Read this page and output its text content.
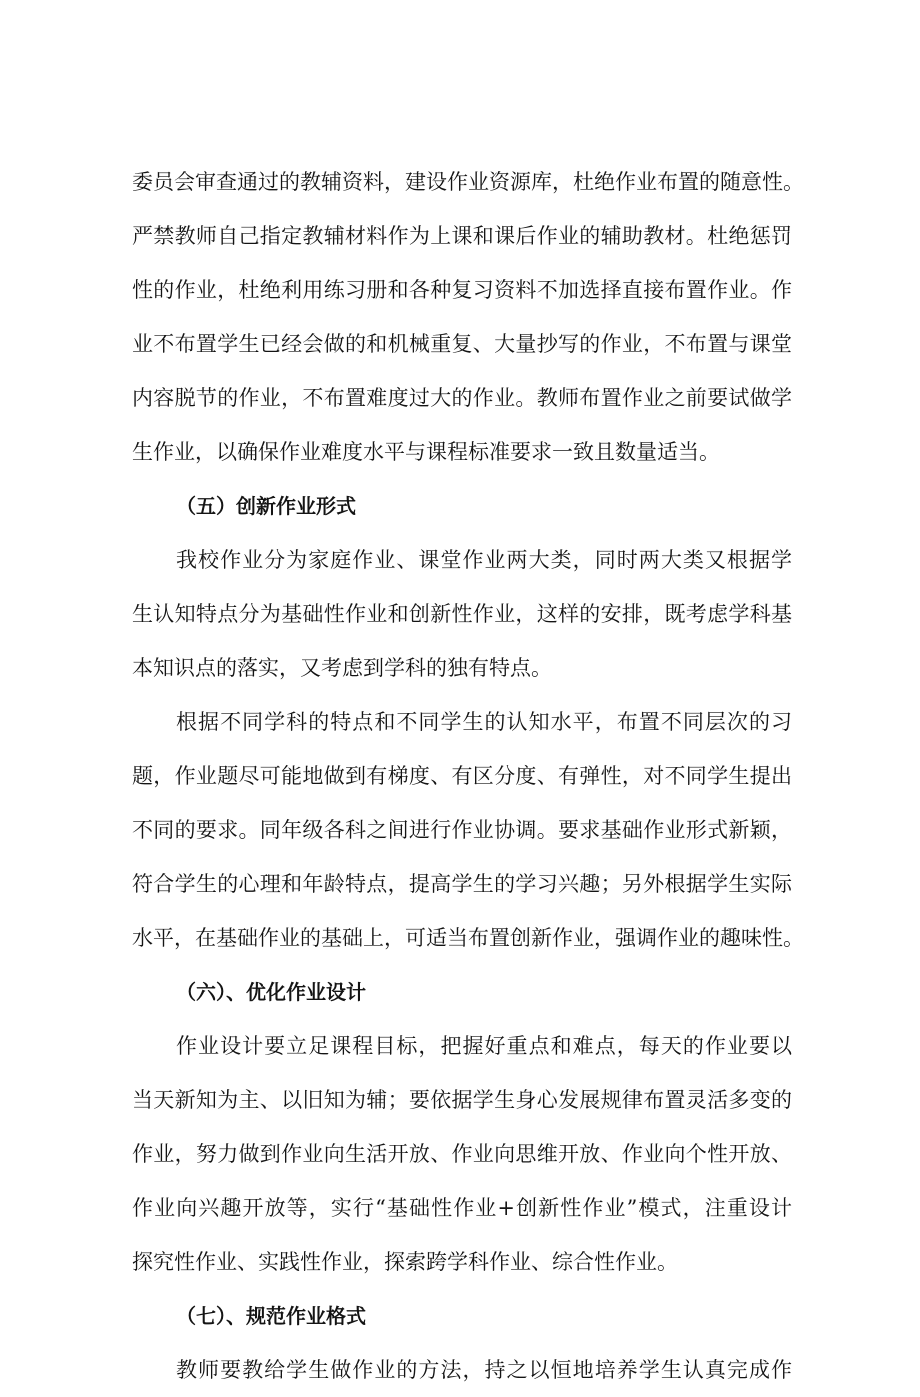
委员会审查通过的教辅资料，建设作业资源库，杜绝作业布置的随意性。
严禁教师自己指定教辅材料作为上课和课后作业的辅助教材。杜绝惩罚
性的作业，杜绝利用练习册和各种复习资料不加选择直接布置作业。作
业不布置学生已经会做的和机械重复、大量抄写的作业，不布置与课堂
内容脱节的作业，不布置难度过大的作业。教师布置作业之前要试做学
生作业，以确保作业难度水平与课程标准要求一致且数量适当。
（五）创新作业形式
我校作业分为家庭作业、课堂作业两大类，同时两大类又根据学
生认知特点分为基础性作业和创新性作业，这样的安排，既考虑学科基
本知识点的落实，又考虑到学科的独有特点。
根据不同学科的特点和不同学生的认知水平，布置不同层次的习
题，作业题尽可能地做到有梯度、有区分度、有弹性，对不同学生提出
不同的要求。同年级各科之间进行作业协调。要求基础作业形式新颖，
符合学生的心理和年龄特点，提高学生的学习兴趣；另外根据学生实际
水平，在基础作业的基础上，可适当布置创新作业，强调作业的趣味性。
（六）、优化作业设计
作业设计要立足课程目标，把握好重点和难点，每天的作业要以
当天新知为主、以旧知为辅；要依据学生身心发展规律布置灵活多变的
作业，努力做到作业向生活开放、作业向思维开放、作业向个性开放、
作业向兴趣开放等，实行“基础性作业+创新性作业”模式，注重设计
探究性作业、实践性作业，探索跨学科作业、综合性作业。
（七）、规范作业格式
教师要教给学生做作业的方法，持之以恒地培养学生认真完成作
